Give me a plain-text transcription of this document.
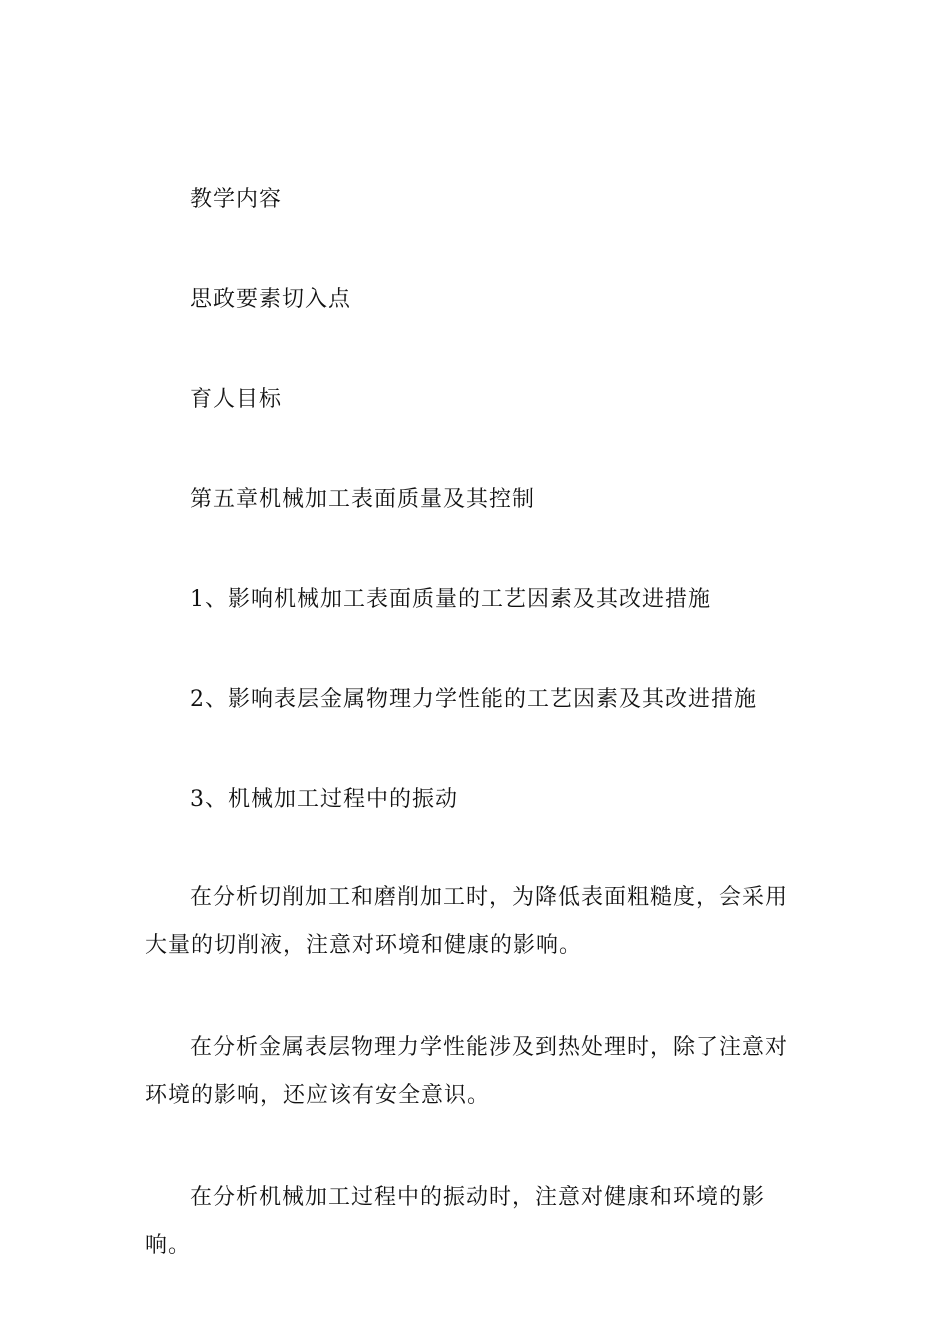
教学内容
思政要素切入点
育人目标
第五章机械加工表面质量及其控制
1、影响机械加工表面质量的工艺因素及其改进措施
2、影响表层金属物理力学性能的工艺因素及其改进措施
3、机械加工过程中的振动
在分析切削加工和磨削加工时，为降低表面粗糙度，会采用大量的切削液，注意对环境和健康的影响。
在分析金属表层物理力学性能涉及到热处理时，除了注意对环境的影响，还应该有安全意识。
在分析机械加工过程中的振动时，注意对健康和环境的影响。
